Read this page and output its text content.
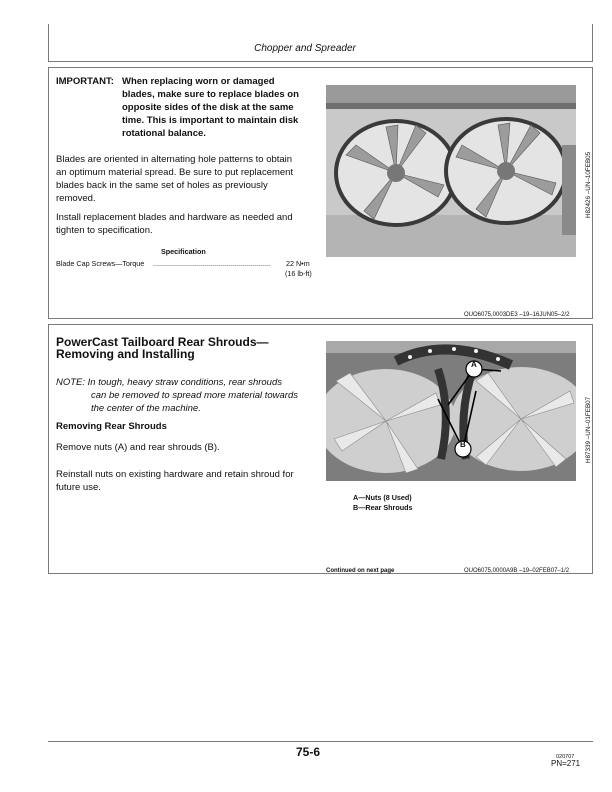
Chopper and Spreader
IMPORTANT: When replacing worn or damaged
blades, make sure to replace blades on
opposite sides of the disk at the same
time. This is important to maintain disk
rotational balance.
Blades are oriented in alternating hole patterns to obtain
an optimum material spread. Be sure to put replacement
blades back in the same set of holes as previously
removed.
Install replacement blades and hardware as needed and
tighten to specification.
Specification
Blade Cap Screws—Torque ...........................................................	22 N•m
(16 lb-ft)
H82426 –UN–10FEB05
OUO6075,0003DE3 –19–16JUN05–2/2
PowerCast Tailboard Rear Shrouds—
Removing and Installing
NOTE: In tough, heavy straw conditions, rear shrouds
can be removed to spread more material towards
the center of the machine.
Removing Rear Shrouds
Remove nuts (A) and rear shrouds (B).
Reinstall nuts on existing hardware and retain shroud for
future use.
A
B	H87339 –UN–01FEB07
A—Nuts (8 Used)
B—Rear Shrouds
Continued on next page	OUO6075,0000A9B –19–02FEB07–1/2
75-6	020707
PN=271
